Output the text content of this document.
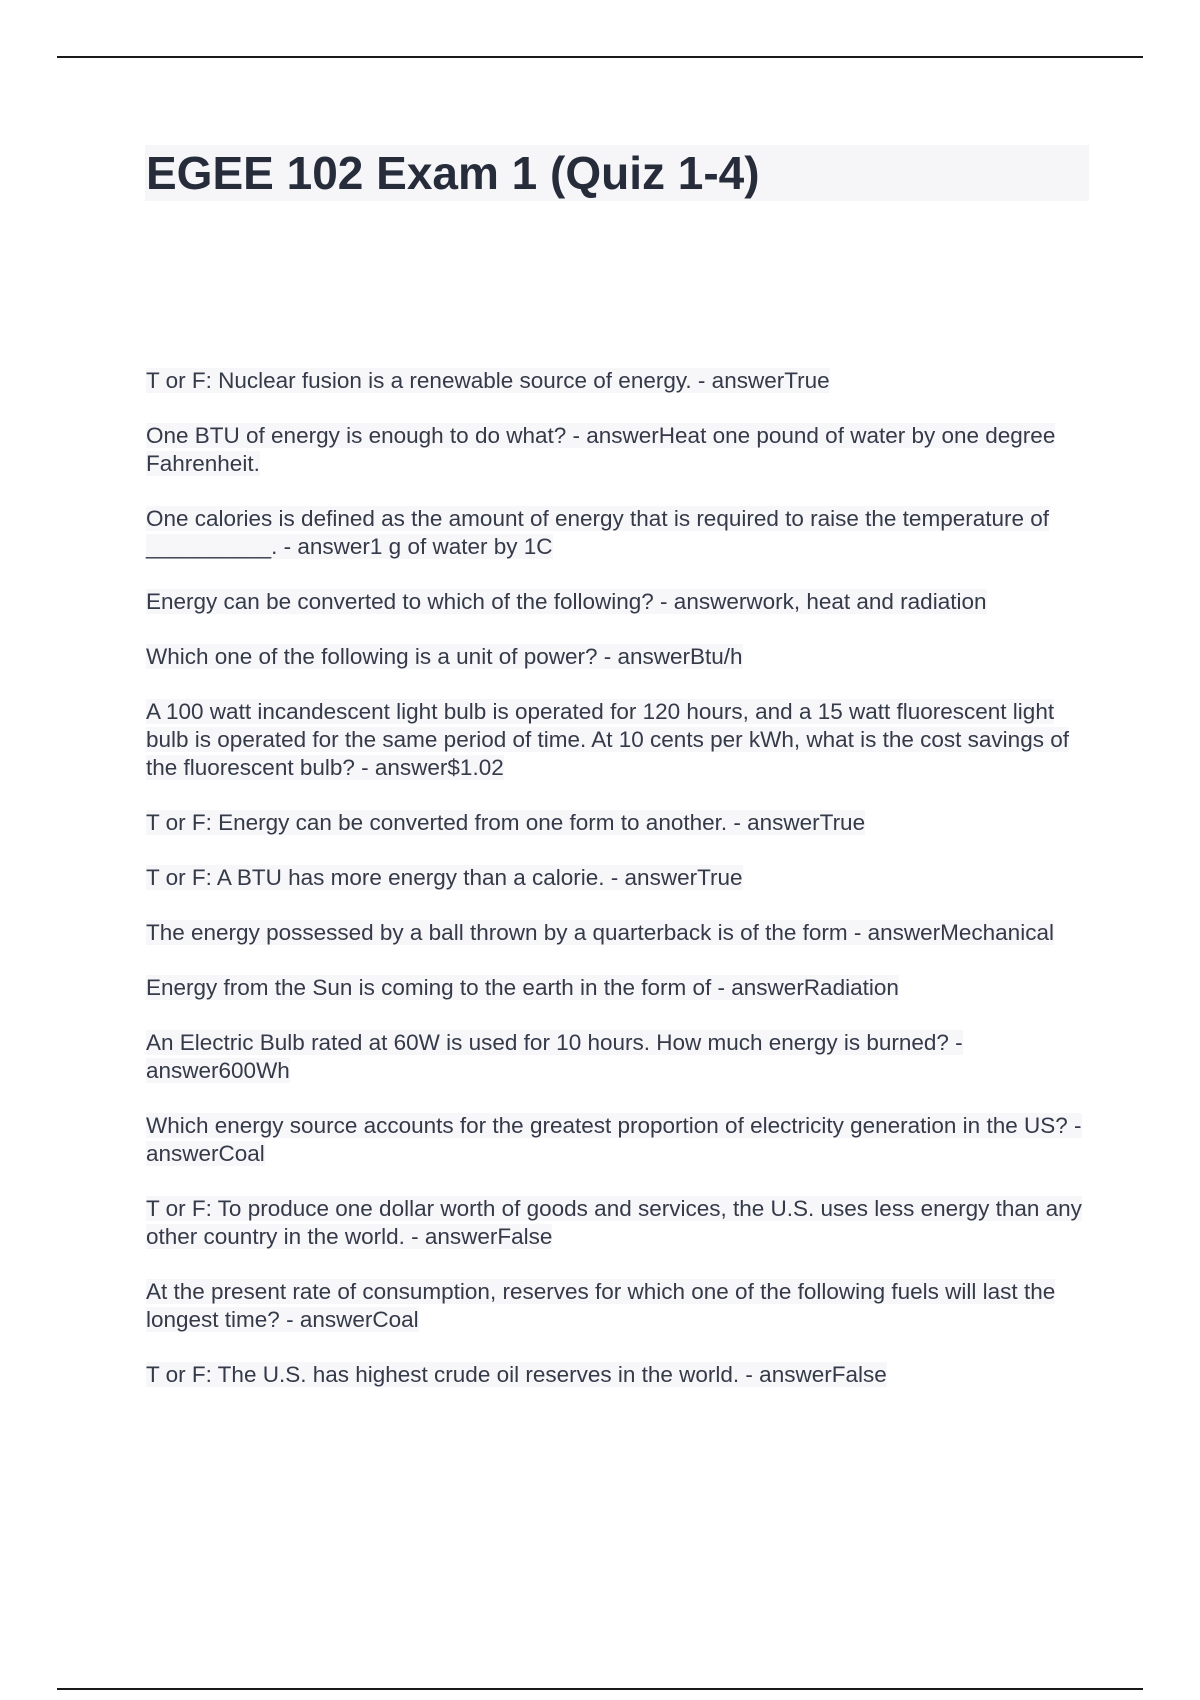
EGEE 102 Exam 1 (Quiz 1-4)
T or F: Nuclear fusion is a renewable source of energy. - answerTrue
One BTU of energy is enough to do what? - answerHeat one pound of water by one degree Fahrenheit.
One calories is defined as the amount of energy that is required to raise the temperature of __________. - answer1 g of water by 1C
Energy can be converted to which of the following? - answerwork, heat and radiation
Which one of the following is a unit of power? - answerBtu/h
A 100 watt incandescent light bulb is operated for 120 hours, and a 15 watt fluorescent light bulb is operated for the same period of time. At 10 cents per kWh, what is the cost savings of the fluorescent bulb? - answer$1.02
T or F: Energy can be converted from one form to another. - answerTrue
T or F: A BTU has more energy than a calorie. - answerTrue
The energy possessed by a ball thrown by a quarterback is of the form - answerMechanical
Energy from the Sun is coming to the earth in the form of - answerRadiation
An Electric Bulb rated at 60W is used for 10 hours. How much energy is burned? - answer600Wh
Which energy source accounts for the greatest proportion of electricity generation in the US? - answerCoal
T or F: To produce one dollar worth of goods and services, the U.S. uses less energy than any other country in the world. - answerFalse
At the present rate of consumption, reserves for which one of the following fuels will last the longest time? - answerCoal
T or F: The U.S. has highest crude oil reserves in the world. - answerFalse
